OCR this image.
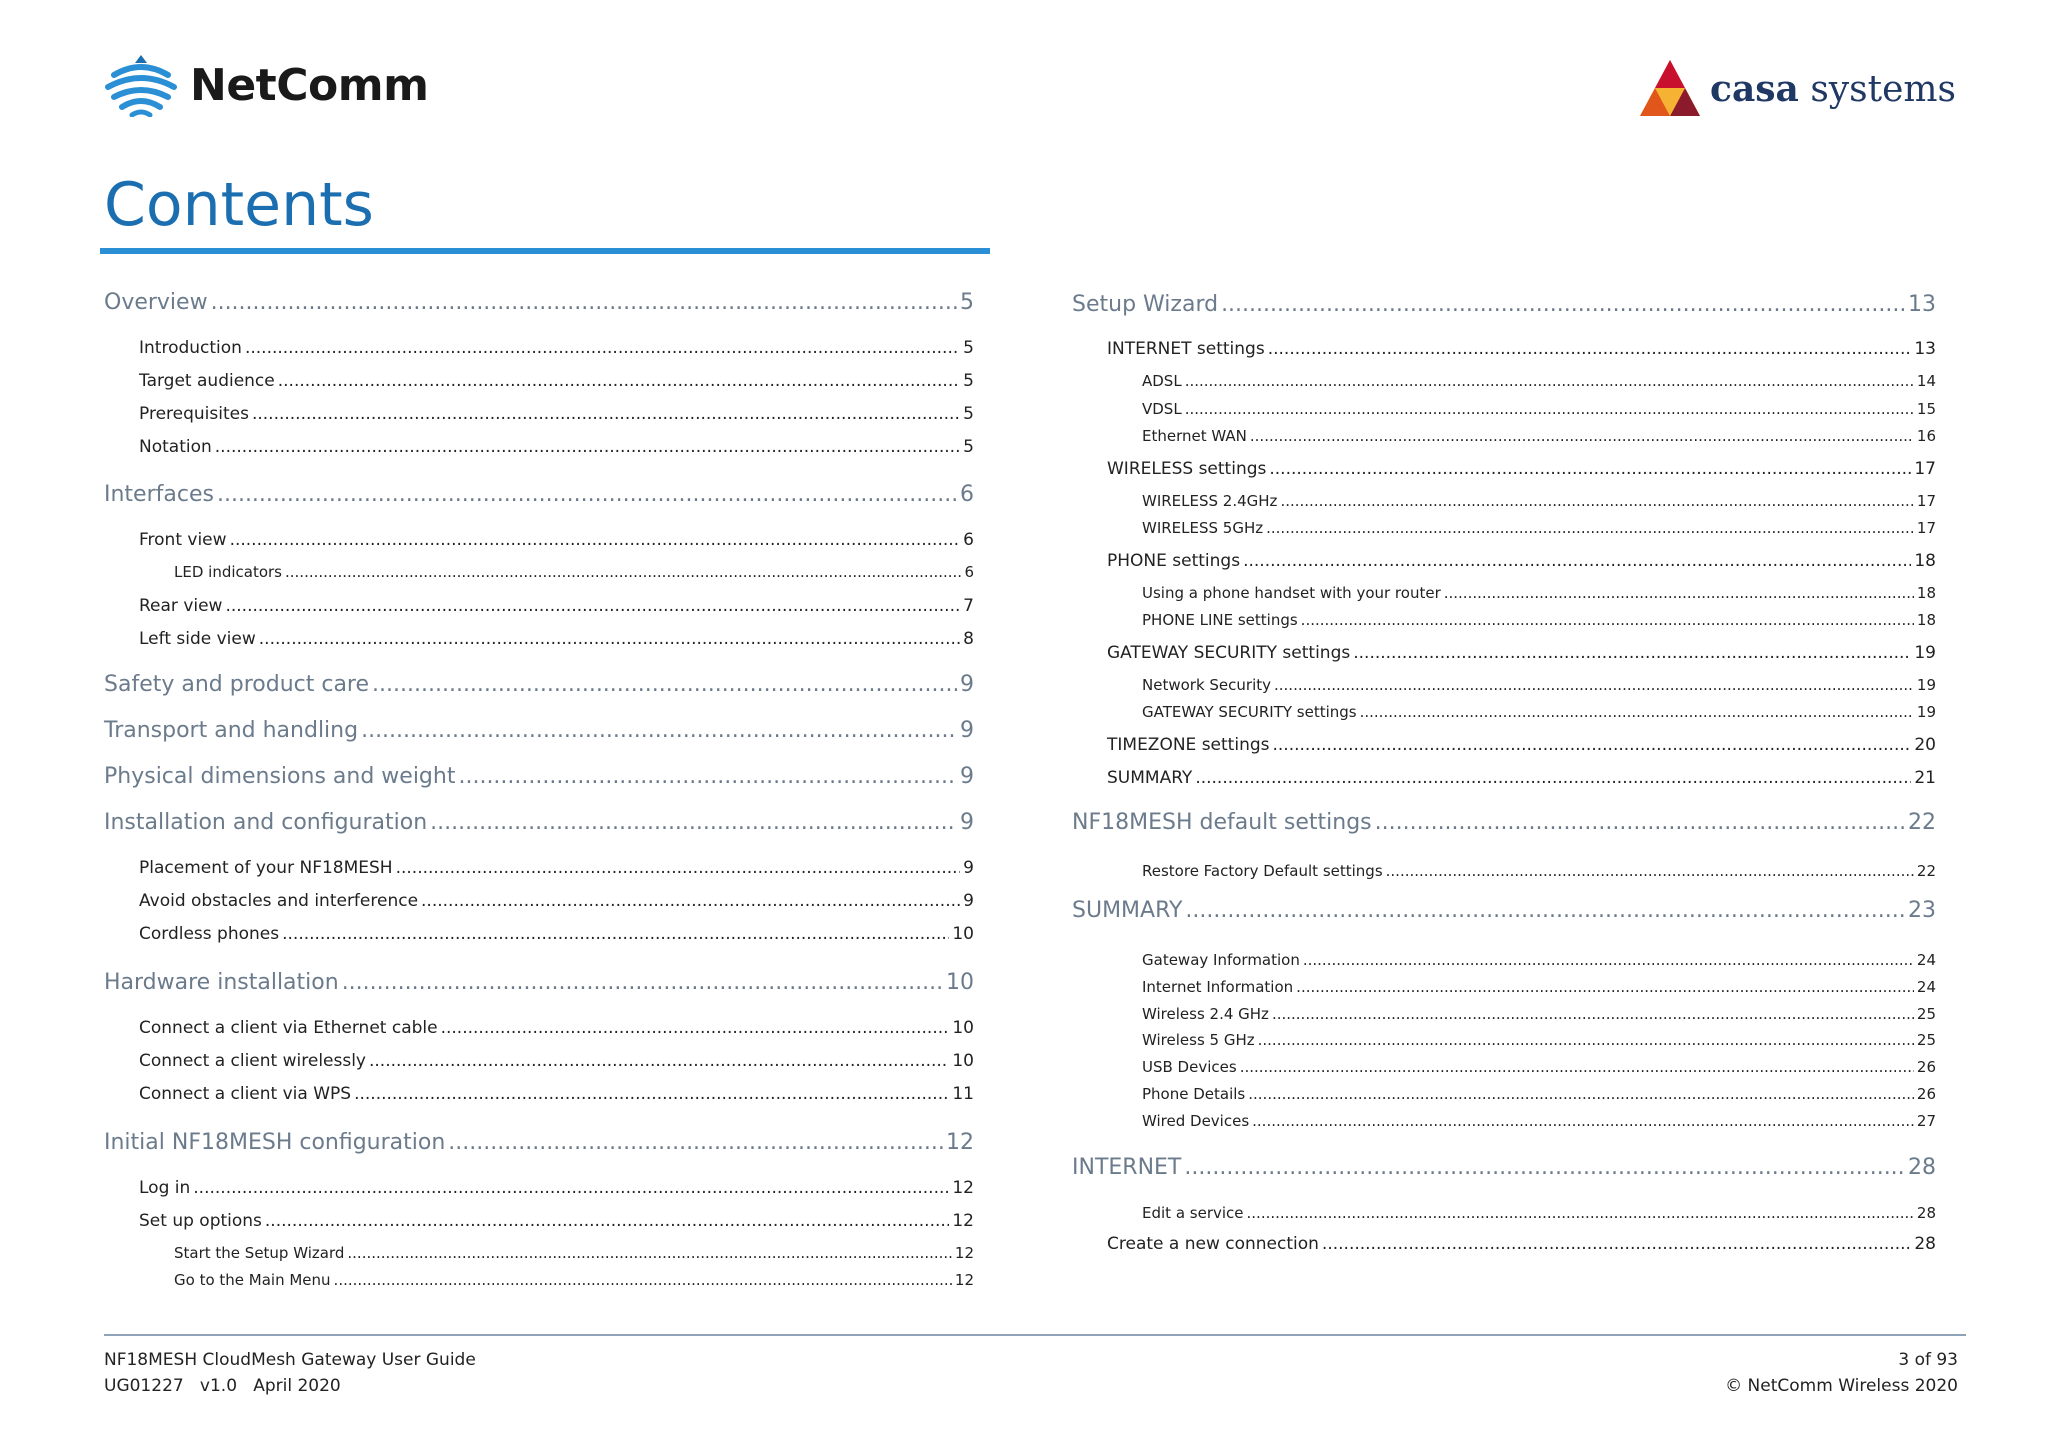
NetComm	casa systems
Contents
Overview .....	5
Introduction .....	5
Target audience .....	5
Prerequisites .....	5
Notation .....	5
Interfaces .....	6
Front view .....	6
LED indicators .....	6
Rear view .....	7
Left side view .....	8
Safety and product care .....	9
Transport and handling .....	9
Physical dimensions and weight .....	9
Installation and configuration .....	9
Placement of your NF18MESH .....	9
Avoid obstacles and interference .....	9
Cordless phones .....	10
Hardware installation .....	10
Connect a client via Ethernet cable .....	10
Connect a client wirelessly .....	10
Connect a client via WPS .....	11
Initial NF18MESH configuration .....	12
Log in .....	12
Set up options .....	12
Start the Setup Wizard .....	12
Go to the Main Menu .....	12
Setup Wizard .....	13
INTERNET settings .....	13
ADSL .....	14
VDSL .....	15
Ethernet WAN .....	16
WIRELESS settings .....	17
WIRELESS 2.4GHz .....	17
WIRELESS 5GHz .....	17
PHONE settings .....	18
Using a phone handset with your router .....	18
PHONE LINE settings .....	18
GATEWAY SECURITY settings .....	19
Network Security .....	19
GATEWAY SECURITY settings .....	19
TIMEZONE settings .....	20
SUMMARY .....	21
NF18MESH default settings .....	22
Restore Factory Default settings .....	22
SUMMARY .....	23
Gateway Information .....	24
Internet Information .....	24
Wireless 2.4 GHz .....	25
Wireless 5 GHz .....	25
USB Devices .....	26
Phone Details .....	26
Wired Devices .....	27
INTERNET .....	28
Edit a service .....	28
Create a new connection .....	28
NF18MESH CloudMesh Gateway User Guide
UG01227   v1.0   April 2020
3 of 93
© NetComm Wireless 2020
